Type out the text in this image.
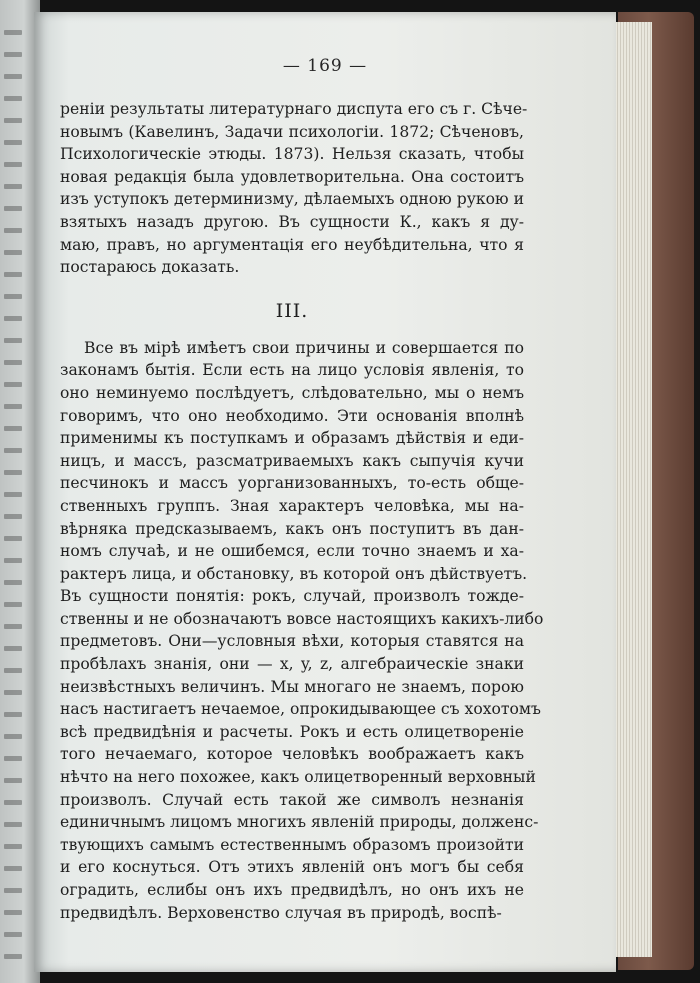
— 169 —
ренiи результаты литературнаго диспута его съ г. Сѣче-
новымъ (Кавелинъ, Задачи психологiи. 1872; Сѣченовъ,
Психологическiе этюды. 1873). Нельзя сказать, чтобы
новая редакцiя была удовлетворительна. Она состоитъ
изъ уступокъ детерминизму, дѣлаемыхъ одною рукою и
взятыхъ назадъ другою. Въ сущности К., какъ я ду-
маю, правъ, но аргументацiя его неубѣдительна, что я
постараюсь доказать.
III.
Все въ мiрѣ имѣетъ свои причины и совершается по
законамъ бытiя. Если есть на лицо условiя явленiя, то
оно неминуемо послѣдуетъ, слѣдовательно, мы о немъ
говоримъ, что оно необходимо. Эти основанiя вполнѣ
применимы къ поступкамъ и образамъ дѣйствiя и еди-
ницъ, и массъ, разсматриваемыхъ какъ сыпучiя кучи
песчинокъ и массъ уорганизованныхъ, то-есть обще-
ственныхъ группъ. Зная характеръ человѣка, мы на-
вѣрняка предсказываемъ, какъ онъ поступитъ въ дан-
номъ случаѣ, и не ошибемся, если точно знаемъ и ха-
рактеръ лица, и обстановку, въ которой онъ дѣйствуетъ.
Въ сущности понятiя: рокъ, случай, произволъ тожде-
ственны и не обозначаютъ вовсе настоящихъ какихъ-либо
предметовъ. Они—условныя вѣхи, которыя ставятся на
пробѣлахъ знанiя, они — x, y, z, алгебраическiе знаки
неизвѣстныхъ величинъ. Мы многаго не знаемъ, порою
насъ настигаетъ нечаемое, опрокидывающее съ хохотомъ
всѣ предвидѣнiя и расчеты. Рокъ и есть олицетворенiе
того нечаемаго, которое человѣкъ воображаетъ какъ
нѣчто на него похожее, какъ олицетворенный верховный
произволъ. Случай есть такой же символъ незнанiя
единичнымъ лицомъ многихъ явленiй природы, долженс-
твующихъ самымъ естественнымъ образомъ произойти
и его коснуться. Отъ этихъ явленiй онъ могъ бы себя
оградить, еслибы онъ ихъ предвидѣлъ, но онъ ихъ не
предвидѣлъ. Верховенство случая въ природѣ, воспѣ-
